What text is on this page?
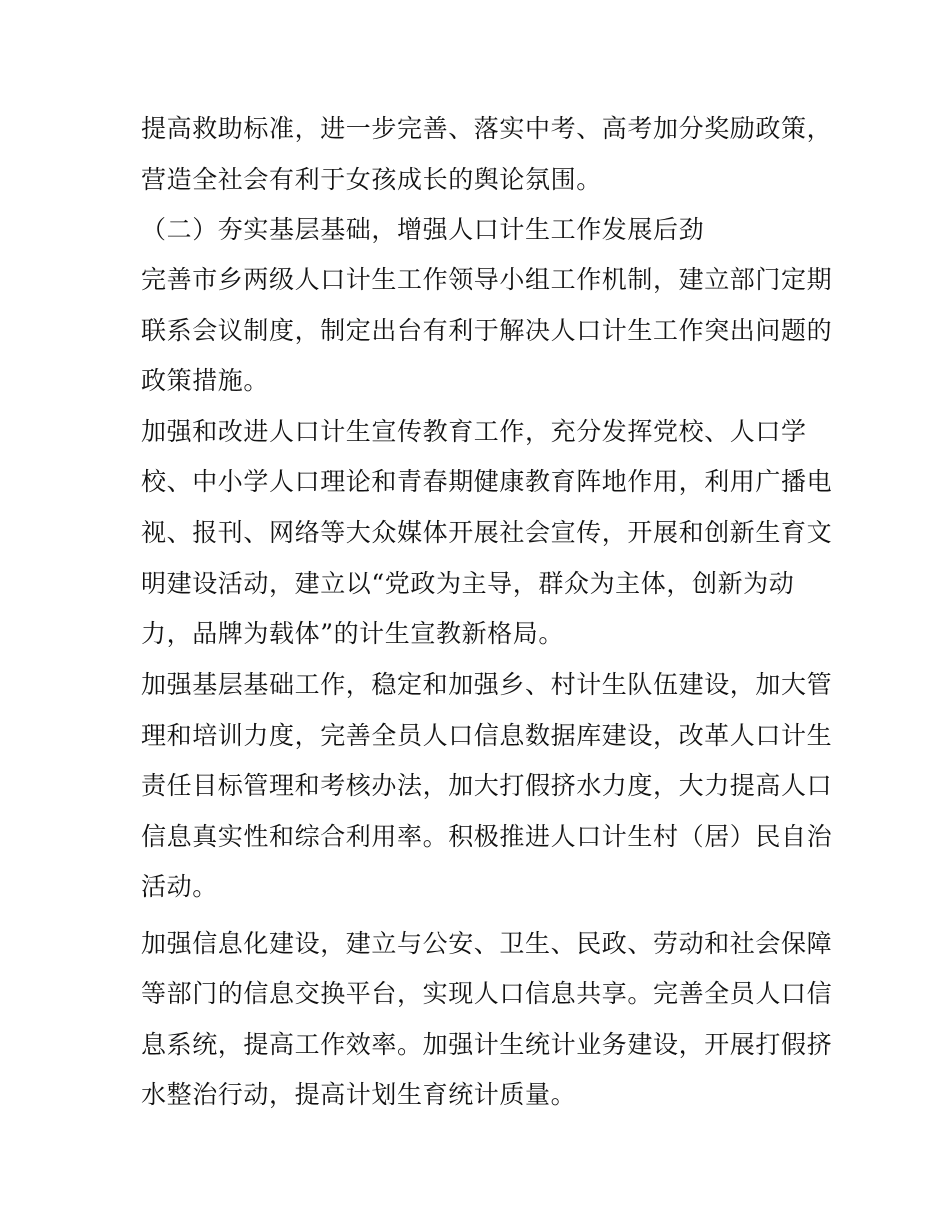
提高救助标准，进一步完善、落实中考、高考加分奖励政策，
营造全社会有利于女孩成长的舆论氛围。
（二）夯实基层基础，增强人口计生工作发展后劲
完善市乡两级人口计生工作领导小组工作机制，建立部门定期
联系会议制度，制定出台有利于解决人口计生工作突出问题的
政策措施。
加强和改进人口计生宣传教育工作，充分发挥党校、人口学
校、中小学人口理论和青春期健康教育阵地作用，利用广播电
视、报刊、网络等大众媒体开展社会宣传，开展和创新生育文
明建设活动，建立以“党政为主导，群众为主体，创新为动
力，品牌为载体”的计生宣教新格局。
加强基层基础工作，稳定和加强乡、村计生队伍建设，加大管
理和培训力度，完善全员人口信息数据库建设，改革人口计生
责任目标管理和考核办法，加大打假挤水力度，大力提高人口
信息真实性和综合利用率。积极推进人口计生村（居）民自治
活动。
加强信息化建设，建立与公安、卫生、民政、劳动和社会保障
等部门的信息交换平台，实现人口信息共享。完善全员人口信
息系统，提高工作效率。加强计生统计业务建设，开展打假挤
水整治行动，提高计划生育统计质量。
